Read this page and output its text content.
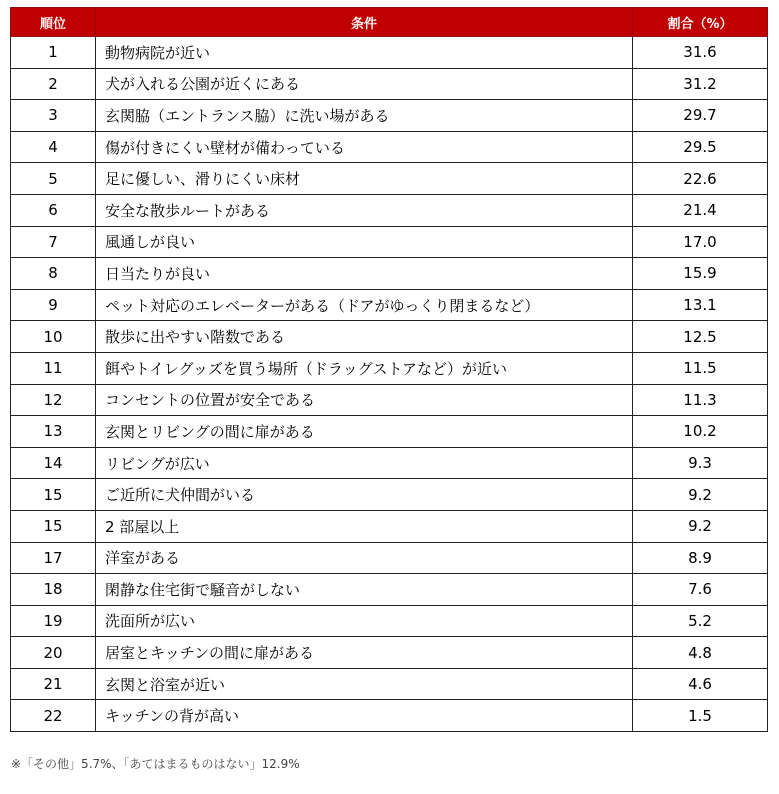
順位	条件	割合（%）
1	動物病院が近い	31.6
2	犬が入れる公園が近くにある	31.2
3	玄関脇（エントランス脇）に洗い場がある	29.7
4	傷が付きにくい壁材が備わっている	29.5
5	足に優しい、滑りにくい床材	22.6
6	安全な散歩ルートがある	21.4
7	風通しが良い	17.0
8	日当たりが良い	15.9
9	ペット対応のエレベーターがある（ドアがゆっくり閉まるなど）	13.1
10	散歩に出やすい階数である	12.5
11	餌やトイレグッズを買う場所（ドラッグストアなど）が近い	11.5
12	コンセントの位置が安全である	11.3
13	玄関とリビングの間に扉がある	10.2
14	リビングが広い	9.3
15	ご近所に犬仲間がいる	9.2
15	2 部屋以上	9.2
17	洋室がある	8.9
18	閑静な住宅街で騒音がしない	7.6
19	洗面所が広い	5.2
20	居室とキッチンの間に扉がある	4.8
21	玄関と浴室が近い	4.6
22	キッチンの背が高い	1.5
※「その他」5.7%、「あてはまるものはない」12.9%
